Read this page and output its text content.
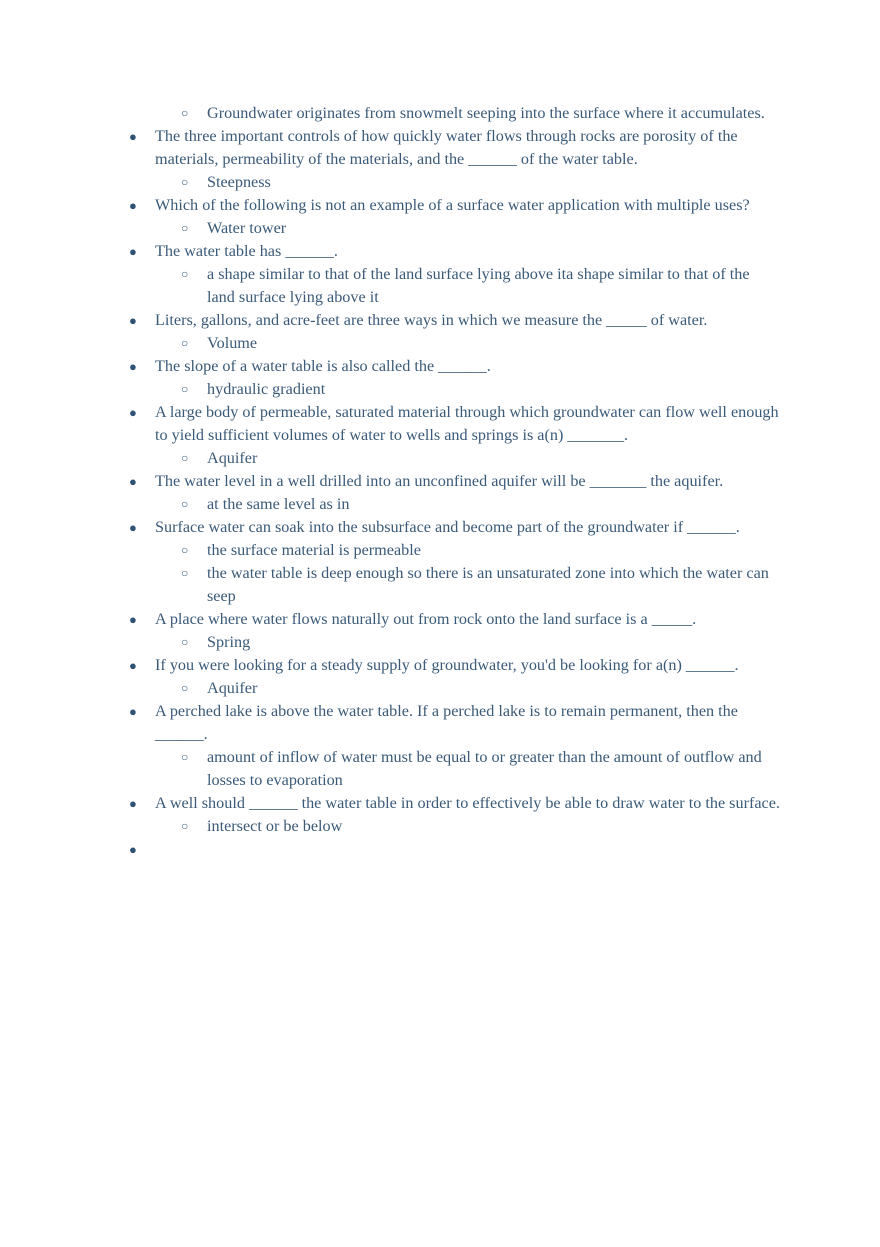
○	Groundwater originates from snowmelt seeping into the surface where it accumulates.
●	The three important controls of how quickly water flows through rocks are porosity of the materials, permeability of the materials, and the ______ of the water table.
○	Steepness
●	Which of the following is not an example of a surface water application with multiple uses?
○	Water tower
●	The water table has ______.
○	a shape similar to that of the land surface lying above ita shape similar to that of the land surface lying above it
●	Liters, gallons, and acre-feet are three ways in which we measure the _____ of water.
○	Volume
●	The slope of a water table is also called the ______.
○	hydraulic gradient
●	A large body of permeable, saturated material through which groundwater can flow well enough to yield sufficient volumes of water to wells and springs is a(n) _______.
○	Aquifer
●	The water level in a well drilled into an unconfined aquifer will be _______ the aquifer.
○	at the same level as in
●	Surface water can soak into the subsurface and become part of the groundwater if ______.
○	the surface material is permeable
○	the water table is deep enough so there is an unsaturated zone into which the water can seep
●	A place where water flows naturally out from rock onto the land surface is a _____.
○	Spring
●	If you were looking for a steady supply of groundwater, you'd be looking for a(n) ______.
○	Aquifer
●	A perched lake is above the water table. If a perched lake is to remain permanent, then the ______.
○	amount of inflow of water must be equal to or greater than the amount of outflow and losses to evaporation
●	A well should ______ the water table in order to effectively be able to draw water to the surface.
○	intersect or be below
●
